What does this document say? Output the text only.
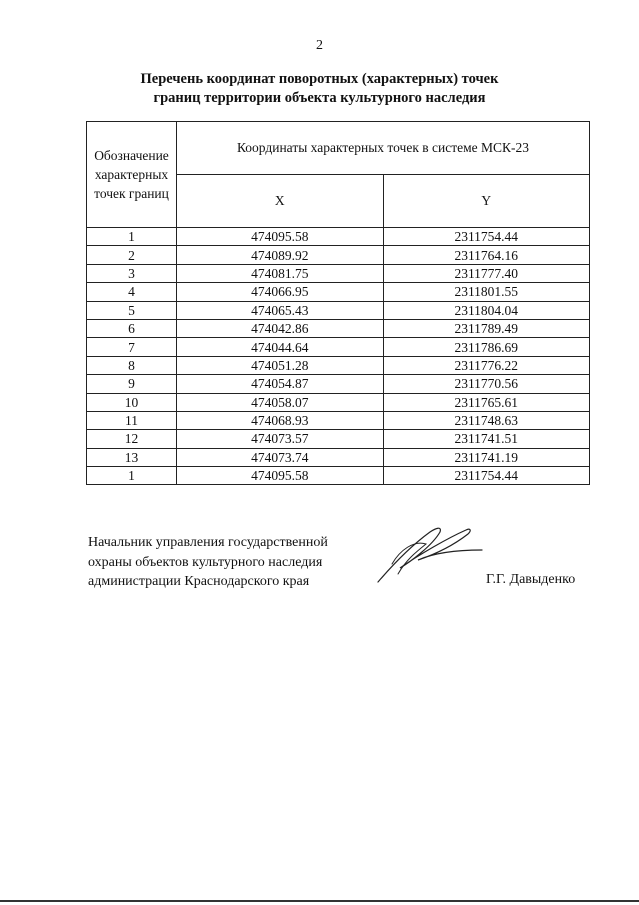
2
Перечень координат поворотных (характерных) точек
границ территории объекта культурного наследия
Обозначение
характерных
точек границ	Координаты характерных точек в системе МСК-23	
	X	Y
1	474095.58	2311754.44
2	474089.92	2311764.16
3	474081.75	2311777.40
4	474066.95	2311801.55
5	474065.43	2311804.04
6	474042.86	2311789.49
7	474044.64	2311786.69
8	474051.28	2311776.22
9	474054.87	2311770.56
10	474058.07	2311765.61
11	474068.93	2311748.63
12	474073.57	2311741.51
13	474073.74	2311741.19
1	474095.58	2311754.44
Начальник управления государственной
охраны объектов культурного наследия
администрации Краснодарского края	Г.Г. Давыденко
